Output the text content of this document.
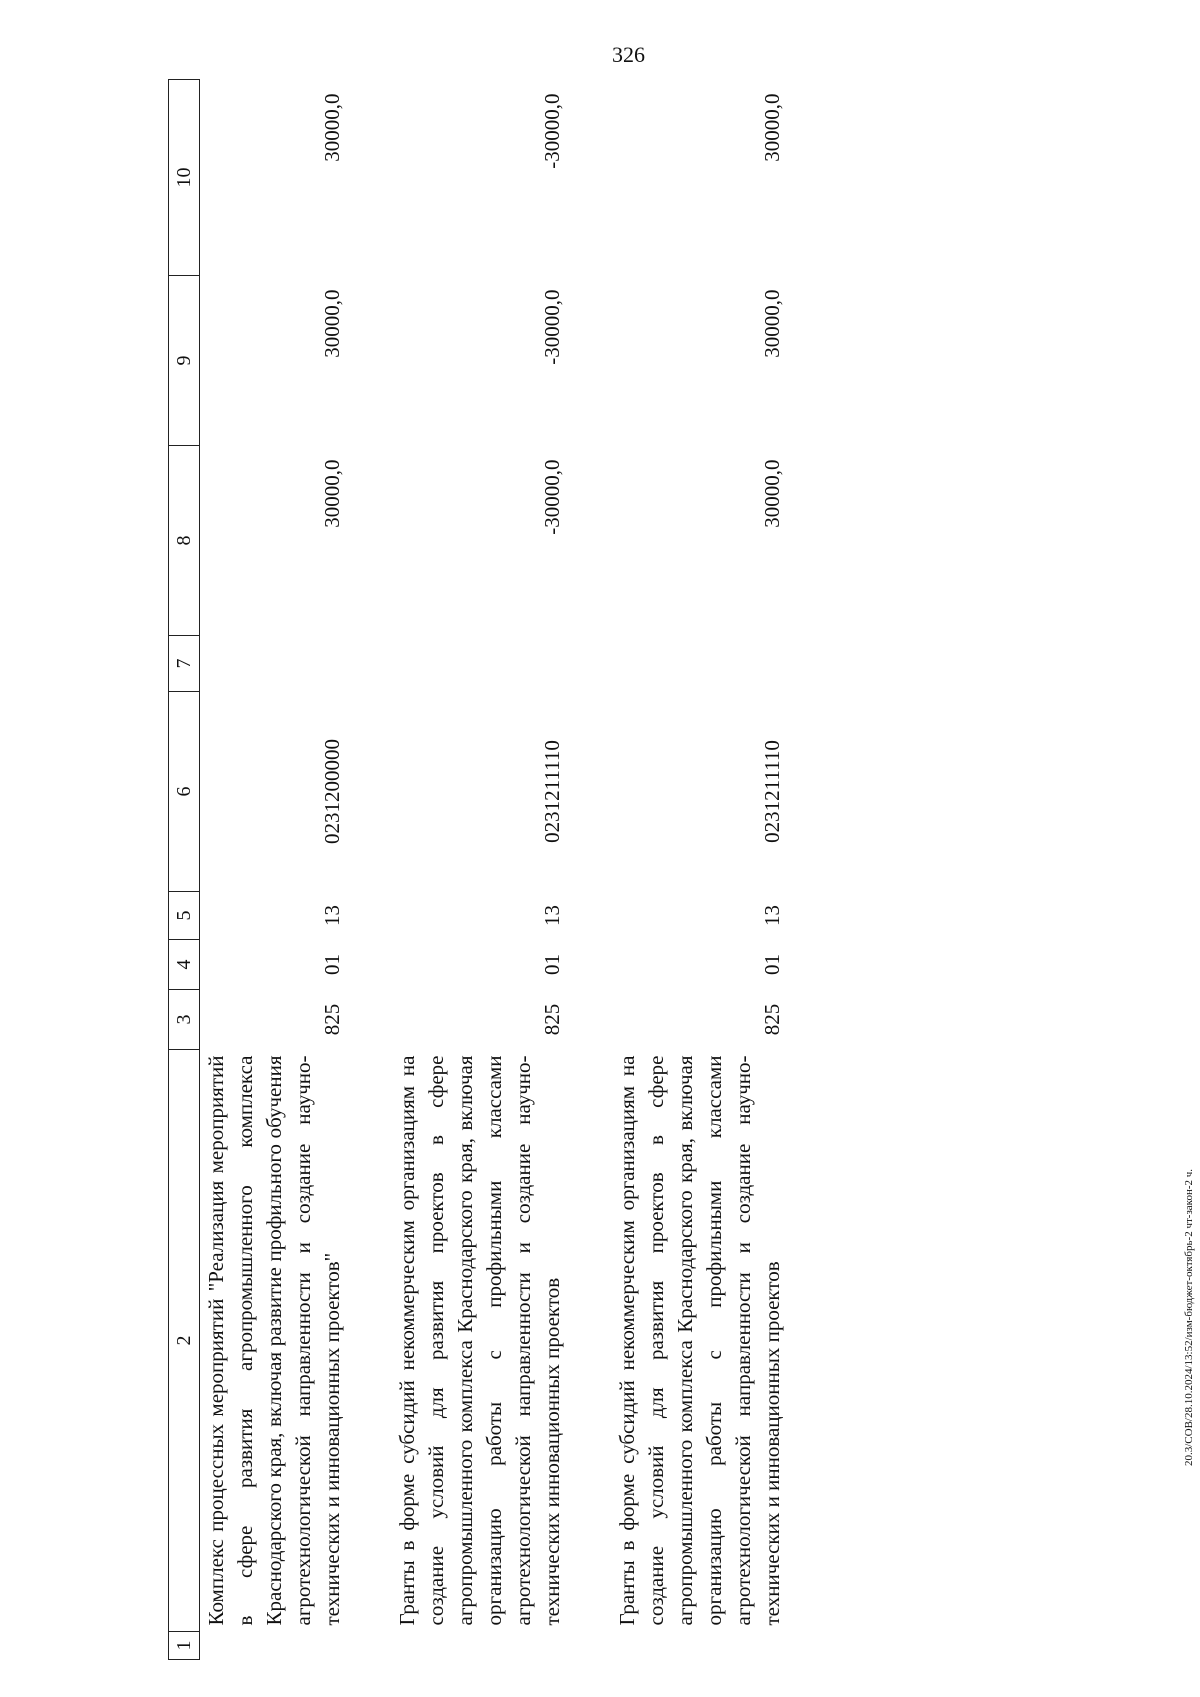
326
1	2	3	4	5	6	7	8	9	10
	Комплекс процессных мероприятий "Реализация мероприятий в сфере развития агропромышленного комплекса Краснодарского края, включая развитие профильного обучения агротехнологической направленности и создание научно-технических и инновационных проектов"	825	01	13	0231200000		30000,0	30000,0	30000,0

	Гранты в форме субсидий некоммерческим организациям на создание условий для развития проектов в сфере агропромышленного комплекса Краснодарского края, включая организацию работы с профильными классами агротехнологической направленности и создание научно-технических инновационных проектов	825	01	13	0231211110		-30000,0	-30000,0	-30000,0

	Гранты в форме субсидий некоммерческим организациям на создание условий для развития проектов в сфере агропромышленного комплекса Краснодарского края, включая организацию работы с профильными классами агротехнологической направленности и создание научно-технических и инновационных проектов	825	01	13	0231211110		30000,0	30000,0	30000,0
20.3/СОВ/28.10.2024/13:52/изм-бюджет-октябрь-2 чт-закон-2 ч.
